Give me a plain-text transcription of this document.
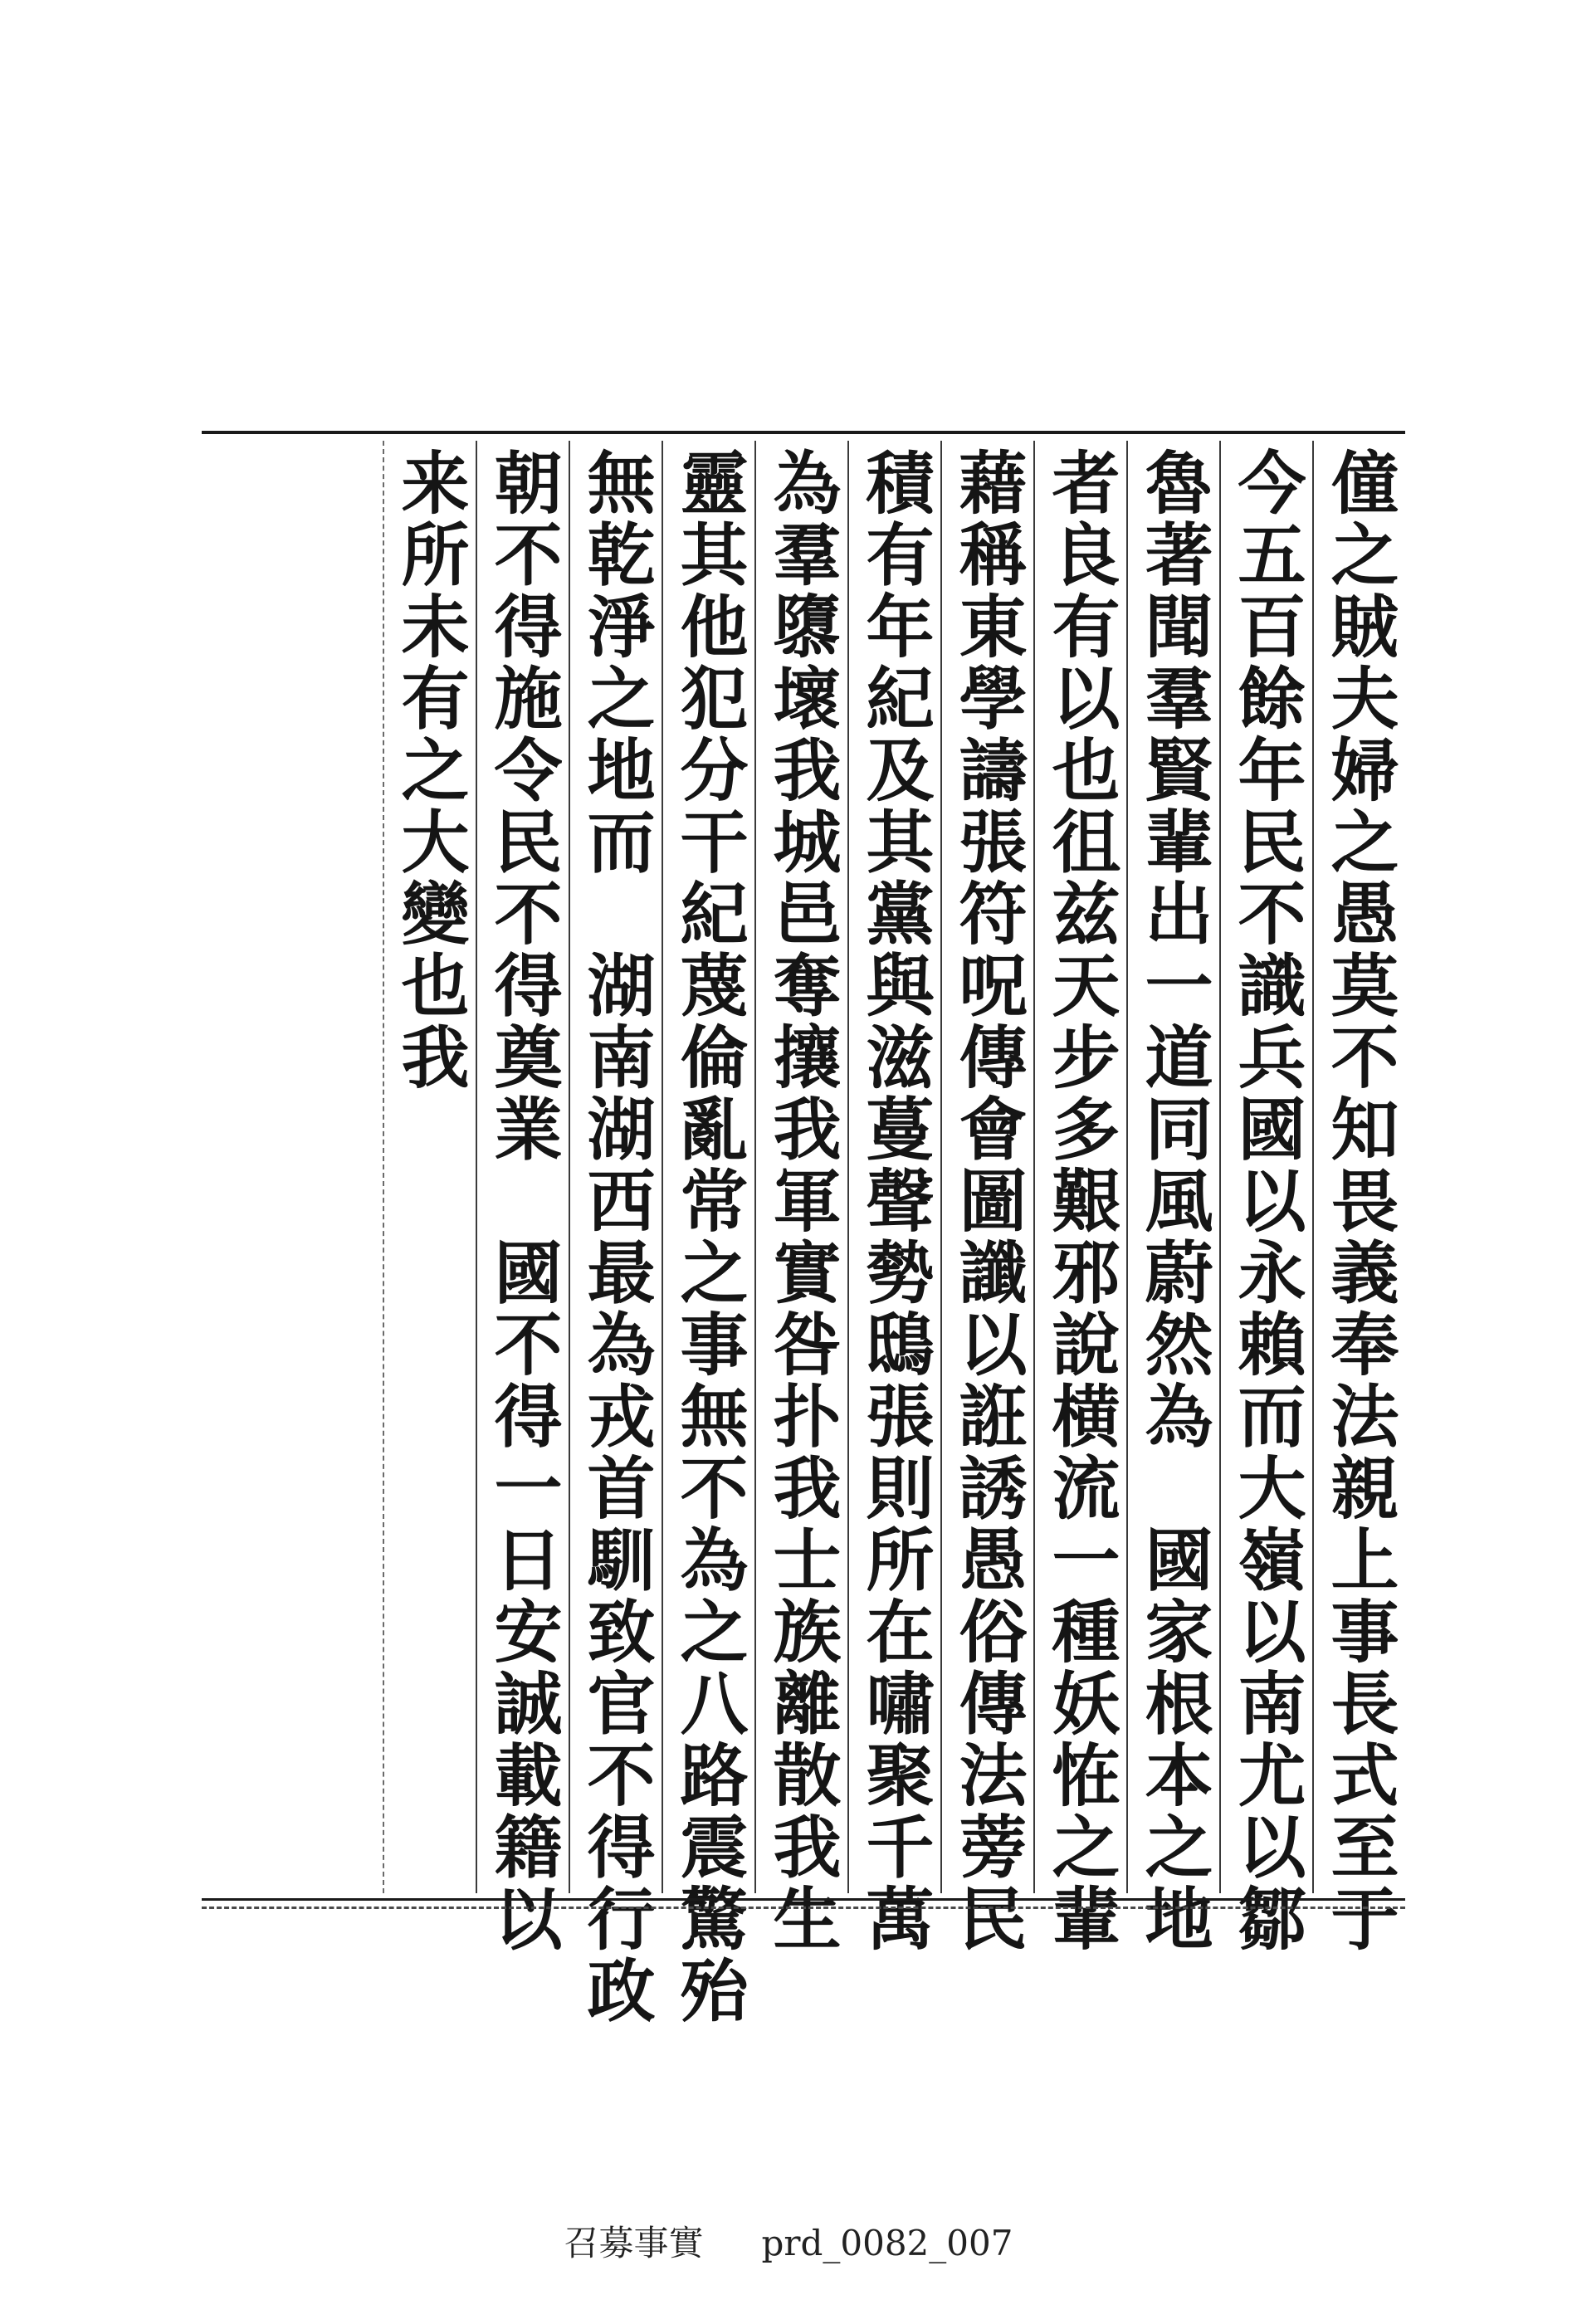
僮之賊夫婦之愚莫不知畏義奉法親上事長式至于
今五百餘年民不識兵國以永賴而大嶺以南尤以鄒
魯著聞羣賢輩出一道同風蔚然為　國家根本之地
者良有以也徂兹天步多艱邪說横流一種妖恠之輩
藉稱東學譸張符呪傳會圖讖以誑誘愚俗傳法蒡民
積有年紀及其黨與滋蔓聲勢鴟張則所在嘯聚千萬
為羣隳壞我城邑奪攘我軍實咎扑我士族離散我生
靈其他犯分干紀蔑倫亂常之事無不為之八路震驚殆
無乾淨之地而　湖南湖西最為戎首馴致官不得行政
朝不得施令民不得奠業　國不得一日安誠載籍以
来所未有之大變也我
召募事實 prd_0082_007
